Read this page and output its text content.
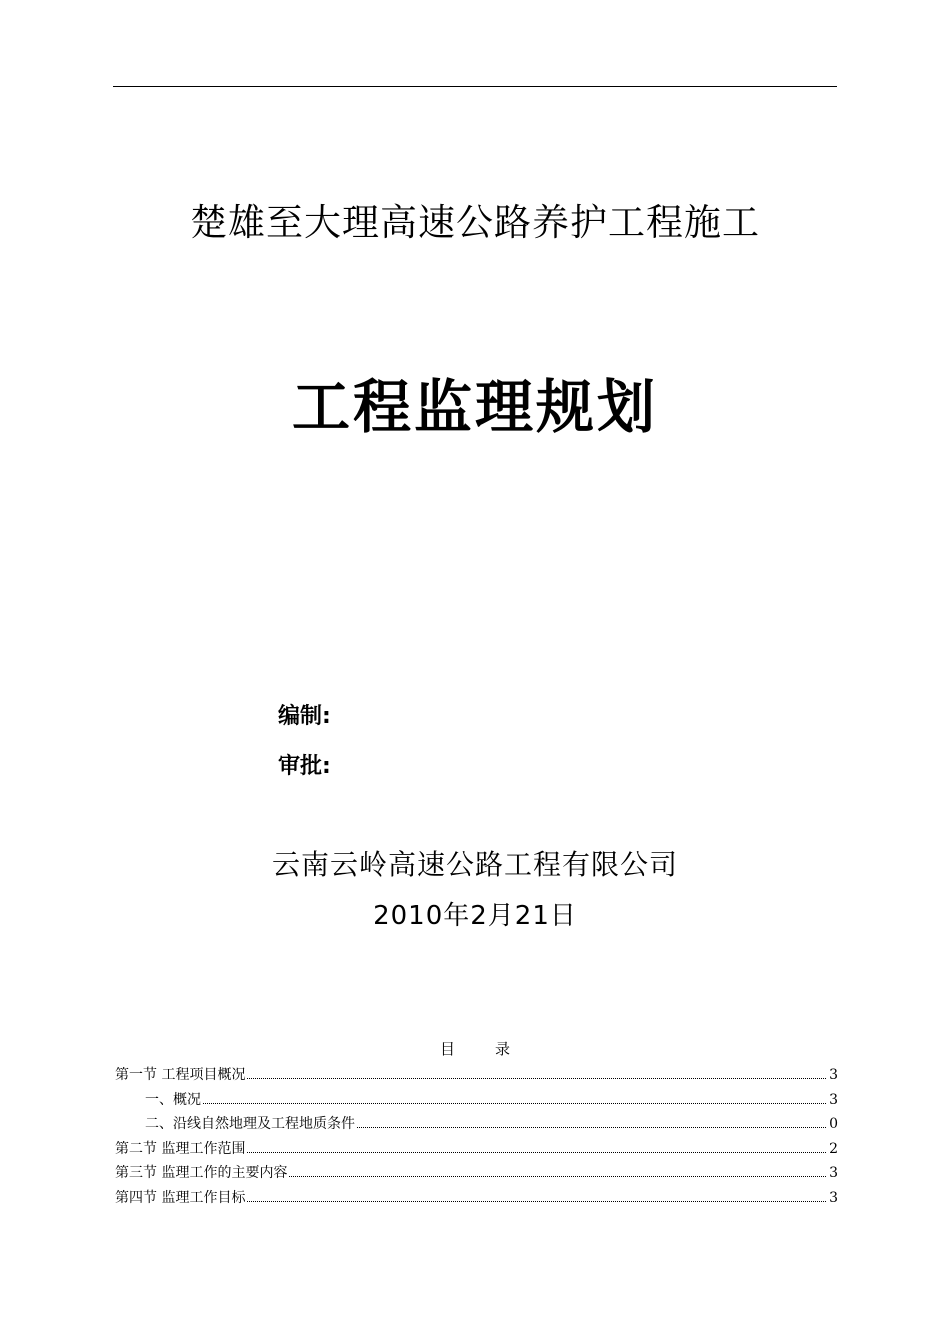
楚雄至大理高速公路养护工程施工
工程监理规划
编制:
审批:
云南云岭高速公路工程有限公司
2010年2月21日
目	录
第一节 工程项目概况	3
一、概况	3
二、沿线自然地理及工程地质条件	0
第二节 监理工作范围	2
第三节 监理工作的主要内容	3
第四节 监理工作目标	3
